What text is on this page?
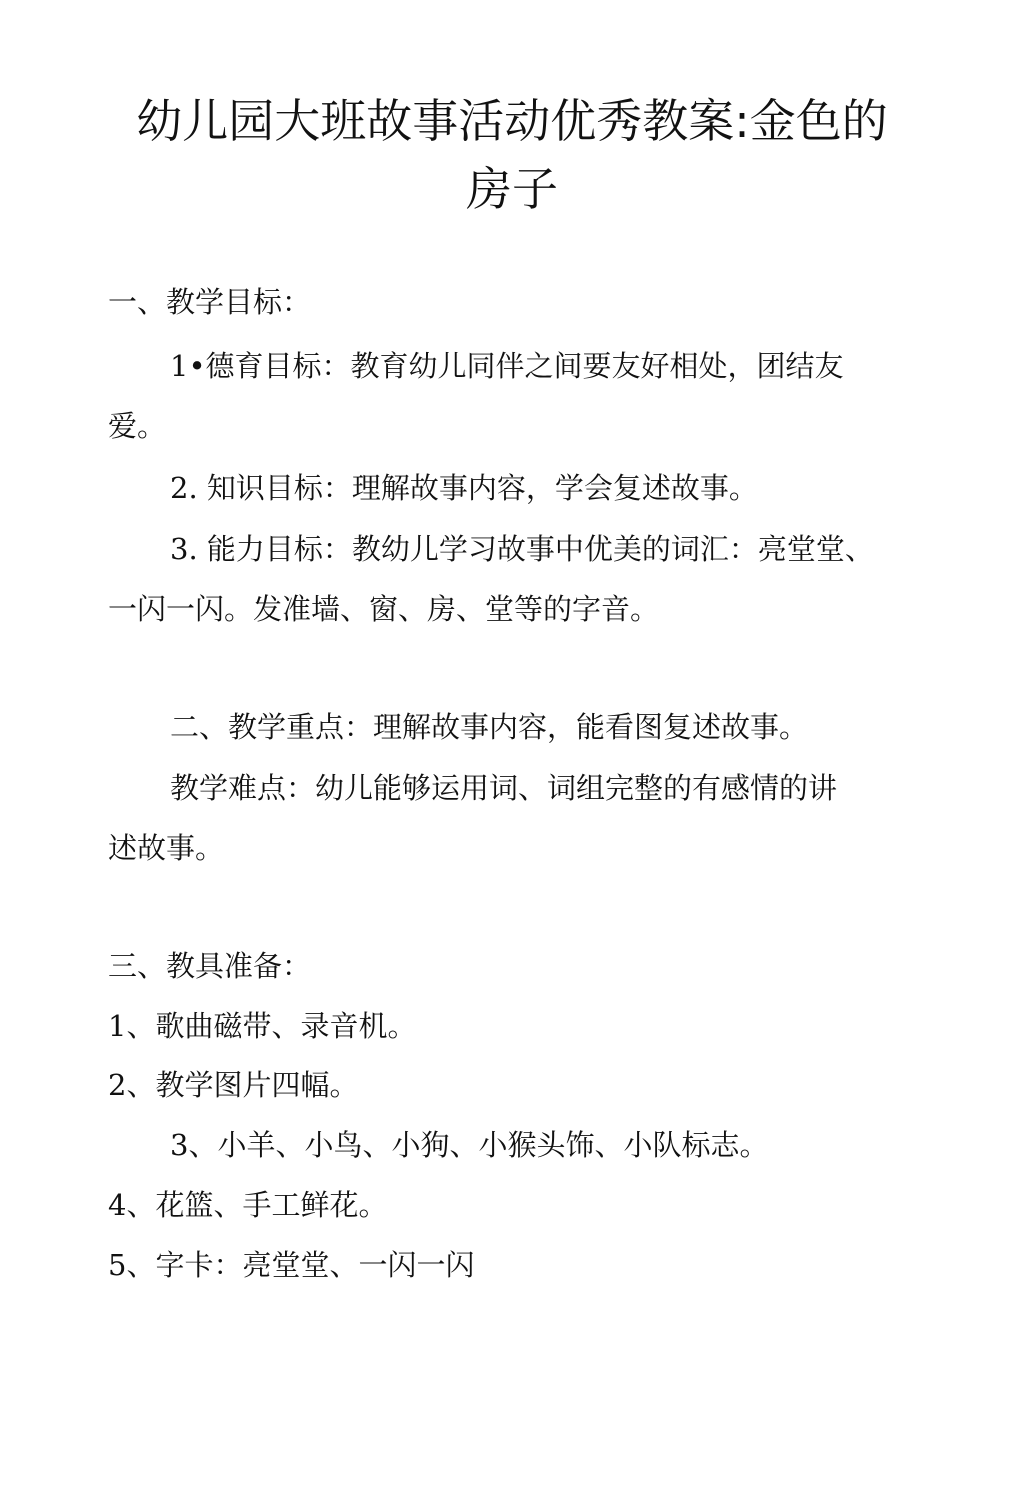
幼儿园大班故事活动优秀教案:金色的
房子

一、教学目标：

1•德育目标：教育幼儿同伴之间要友好相处，团结友

爱。

2. 知识目标：理解故事内容，学会复述故事。

3. 能力目标：教幼儿学习故事中优美的词汇：亮堂堂、

一闪一闪。发准墙、窗、房、堂等的字音。

二、教学重点：理解故事内容，能看图复述故事。

教学难点：幼儿能够运用词、词组完整的有感情的讲

述故事。

三、教具准备：

1、歌曲磁带、录音机。

2、教学图片四幅。

3、小羊、小鸟、小狗、小猴头饰、小队标志。

4、花篮、手工鲜花。

5、字卡：亮堂堂、一闪一闪
